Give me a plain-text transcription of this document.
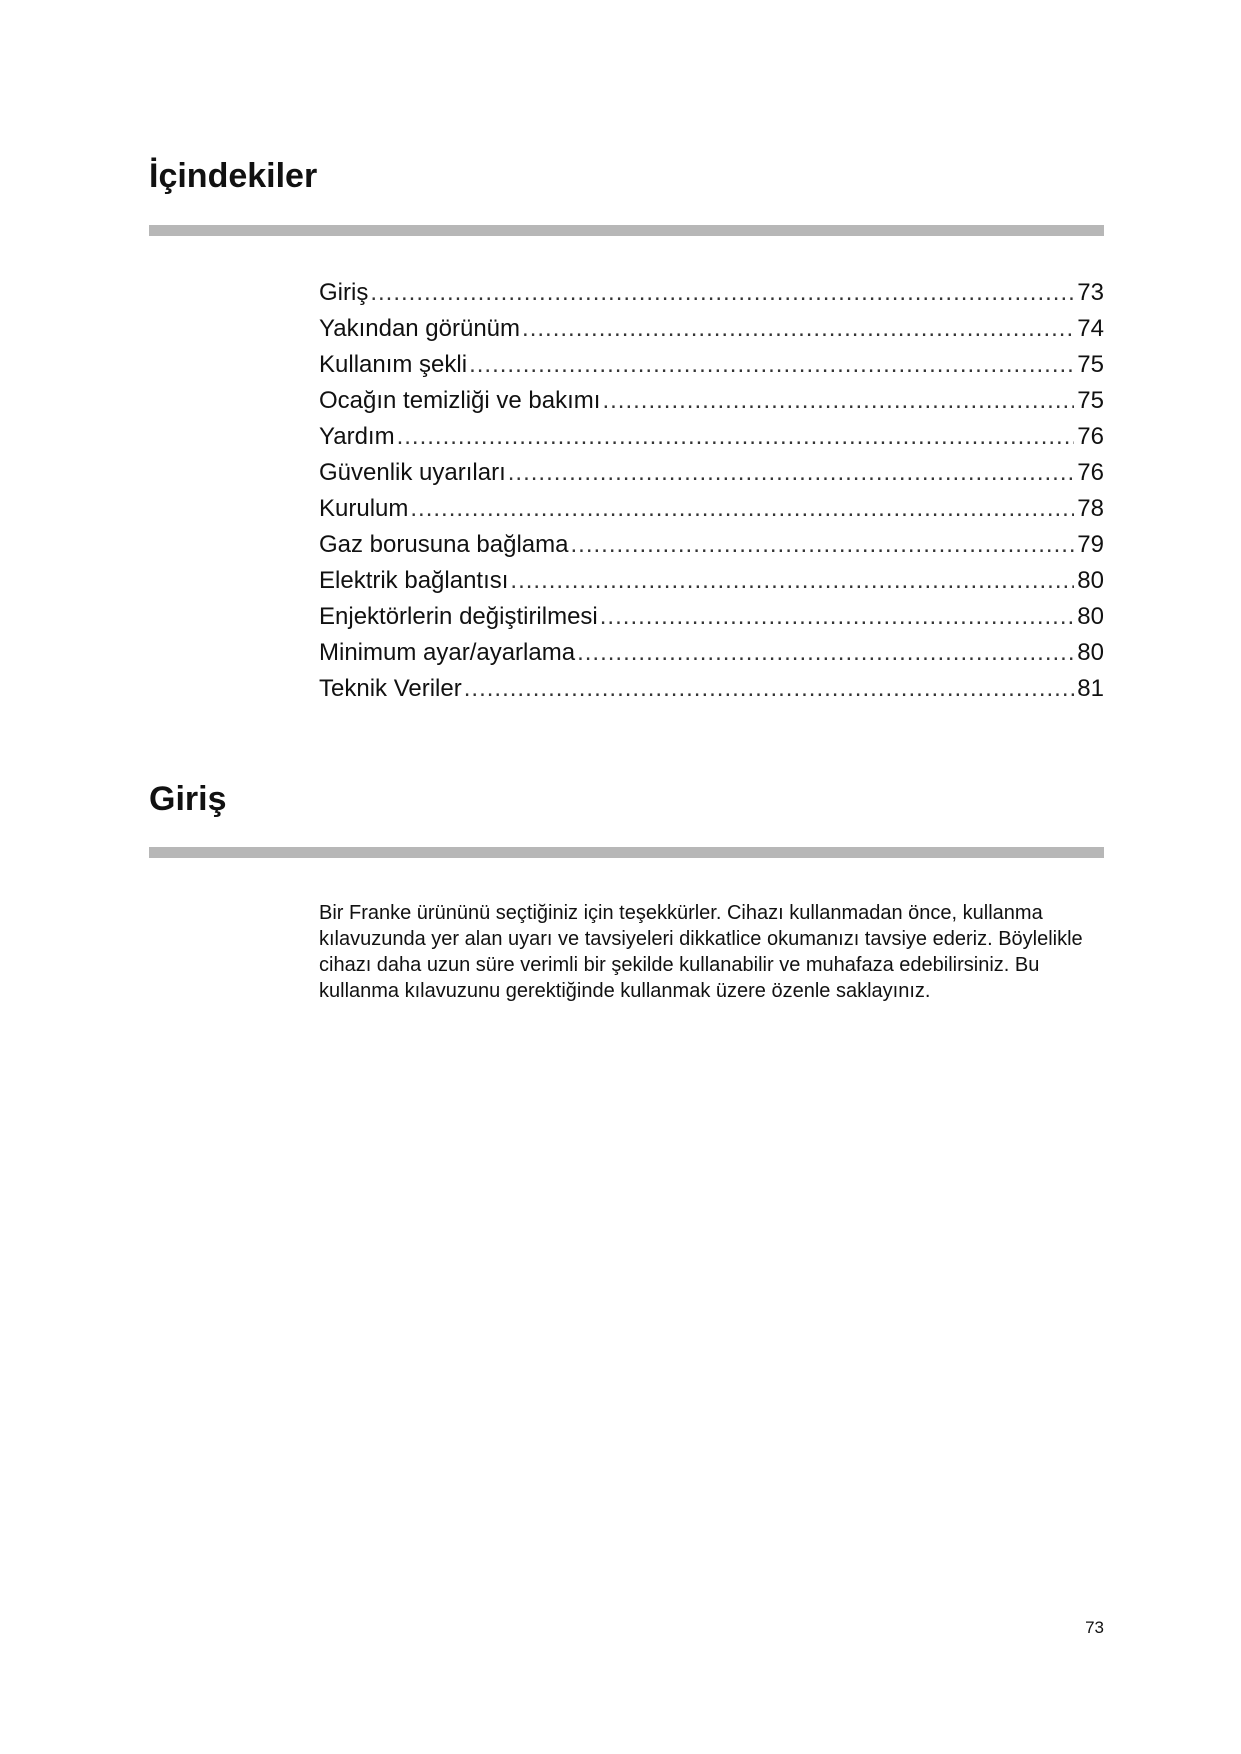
İçindekiler
Giriş .....	73
Yakından görünüm .....	74
Kullanım şekli .....	75
Ocağın temizliği ve bakımı .....	75
Yardım .....	76
Güvenlik uyarıları .....	76
Kurulum .....	78
Gaz borusuna bağlama .....	79
Elektrik bağlantısı .....	80
Enjektörlerin değiştirilmesi .....	80
Minimum ayar/ayarlama .....	80
Teknik Veriler .....	81
Giriş

Bir Franke ürününü seçtiğiniz için teşekkürler. Cihazı kullanmadan önce, kullanma kılavuzunda yer alan uyarı ve tavsiyeleri dikkatlice okumanızı tavsiye ederiz. Böylelikle cihazı daha uzun süre verimli bir şekilde kullanabilir ve muhafaza edebilirsiniz. Bu kullanma kılavuzunu gerektiğinde kullanmak üzere özenle saklayınız.

73
